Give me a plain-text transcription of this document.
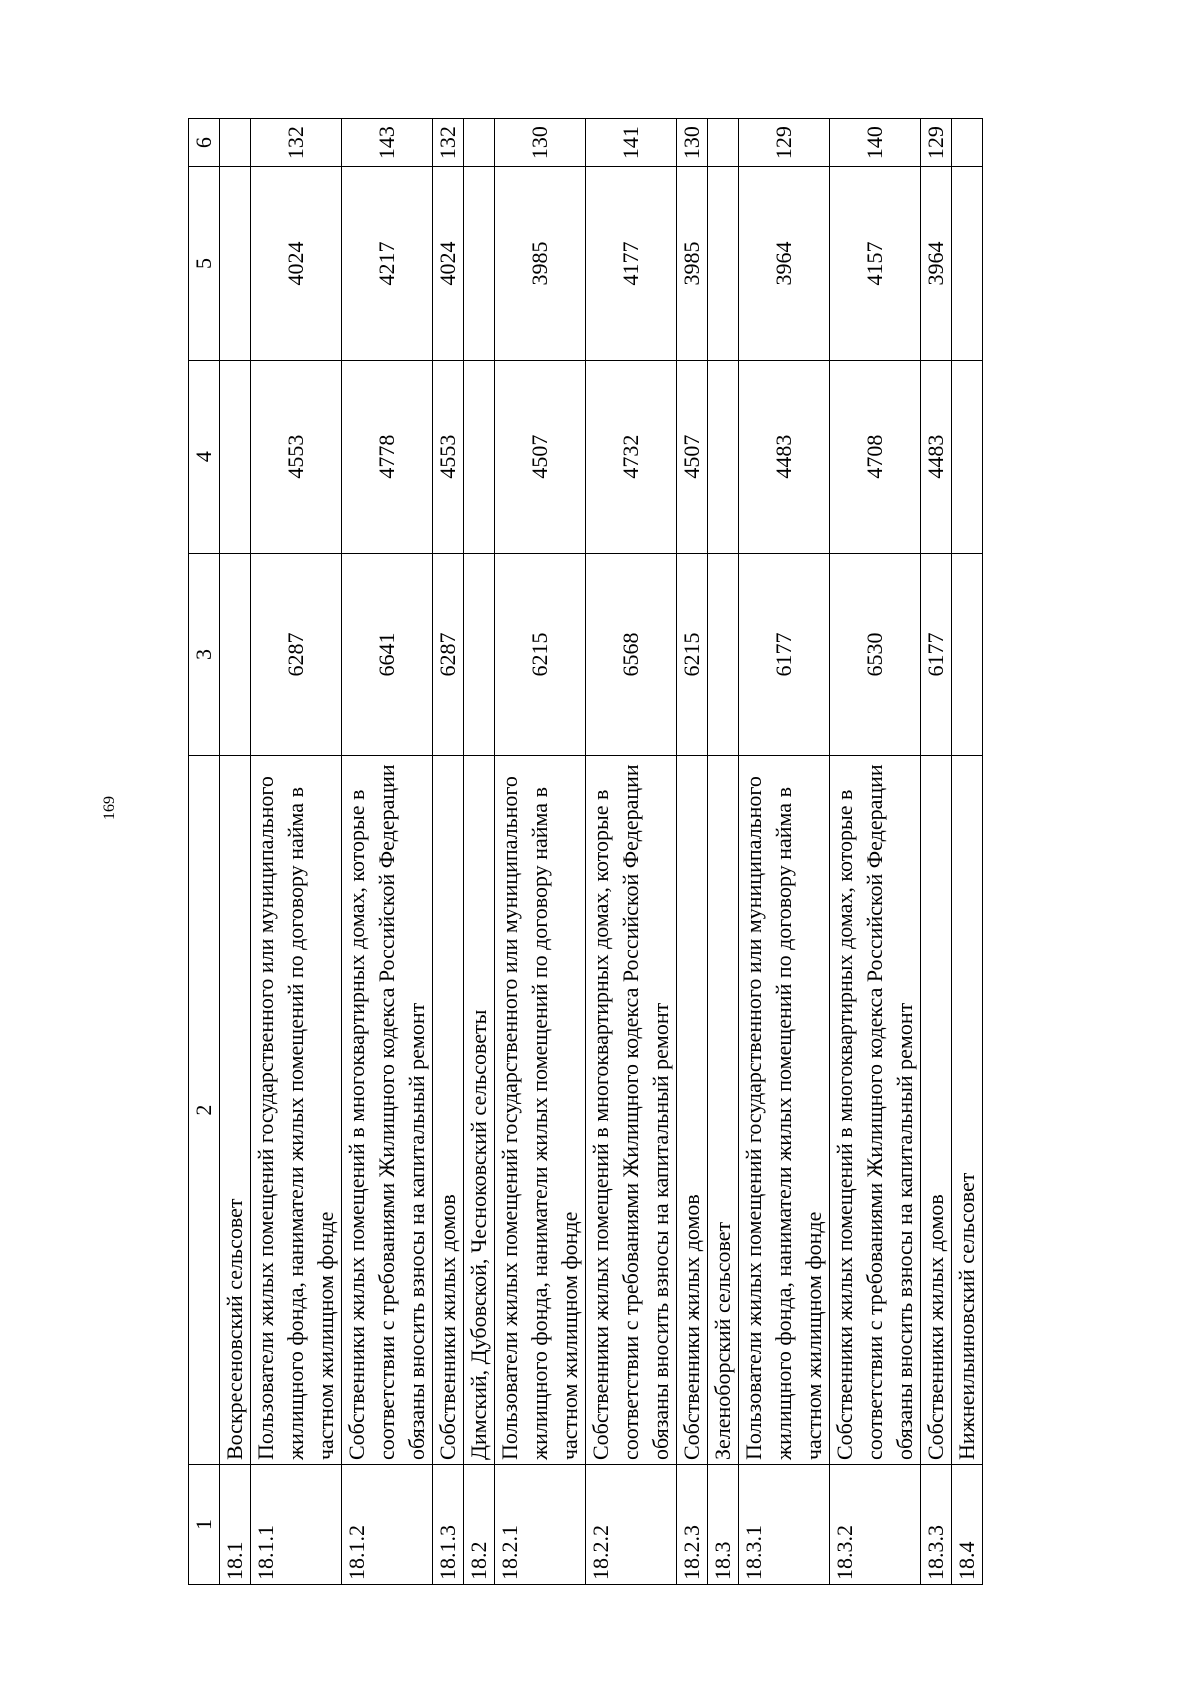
169
1	2	3	4	5	6
18.1	Воскресеновский сельсовет				
18.1.1	Пользователи жилых помещений государственного или муниципального жилищного фонда, наниматели жилых помещений по договору найма в частном жилищном фонде	6287	4553	4024	132
18.1.2	Собственники жилых помещений в многоквартирных домах, которые в соответствии с требованиями Жилищного кодекса Российской Федерации обязаны вносить взносы на капитальный ремонт	6641	4778	4217	143
18.1.3	Собственники жилых домов	6287	4553	4024	132
18.2	Димский, Дубовской, Чесноковский сельсоветы				
18.2.1	Пользователи жилых помещений государственного или муниципального жилищного фонда, наниматели жилых помещений по договору найма в частном жилищном фонде	6215	4507	3985	130
18.2.2	Собственники жилых помещений в многоквартирных домах, которые в соответствии с требованиями Жилищного кодекса Российской Федерации обязаны вносить взносы на капитальный ремонт	6568	4732	4177	141
18.2.3	Собственники жилых домов	6215	4507	3985	130
18.3	Зеленоборский сельсовет				
18.3.1	Пользователи жилых помещений государственного или муниципального жилищного фонда, наниматели жилых помещений по договору найма в частном жилищном фонде	6177	4483	3964	129
18.3.2	Собственники жилых помещений в многоквартирных домах, которые в соответствии с требованиями Жилищного кодекса Российской Федерации обязаны вносить взносы на капитальный ремонт	6530	4708	4157	140
18.3.3	Собственники жилых домов	6177	4483	3964	129
18.4	Нижнеилыиновский сельсовет				
